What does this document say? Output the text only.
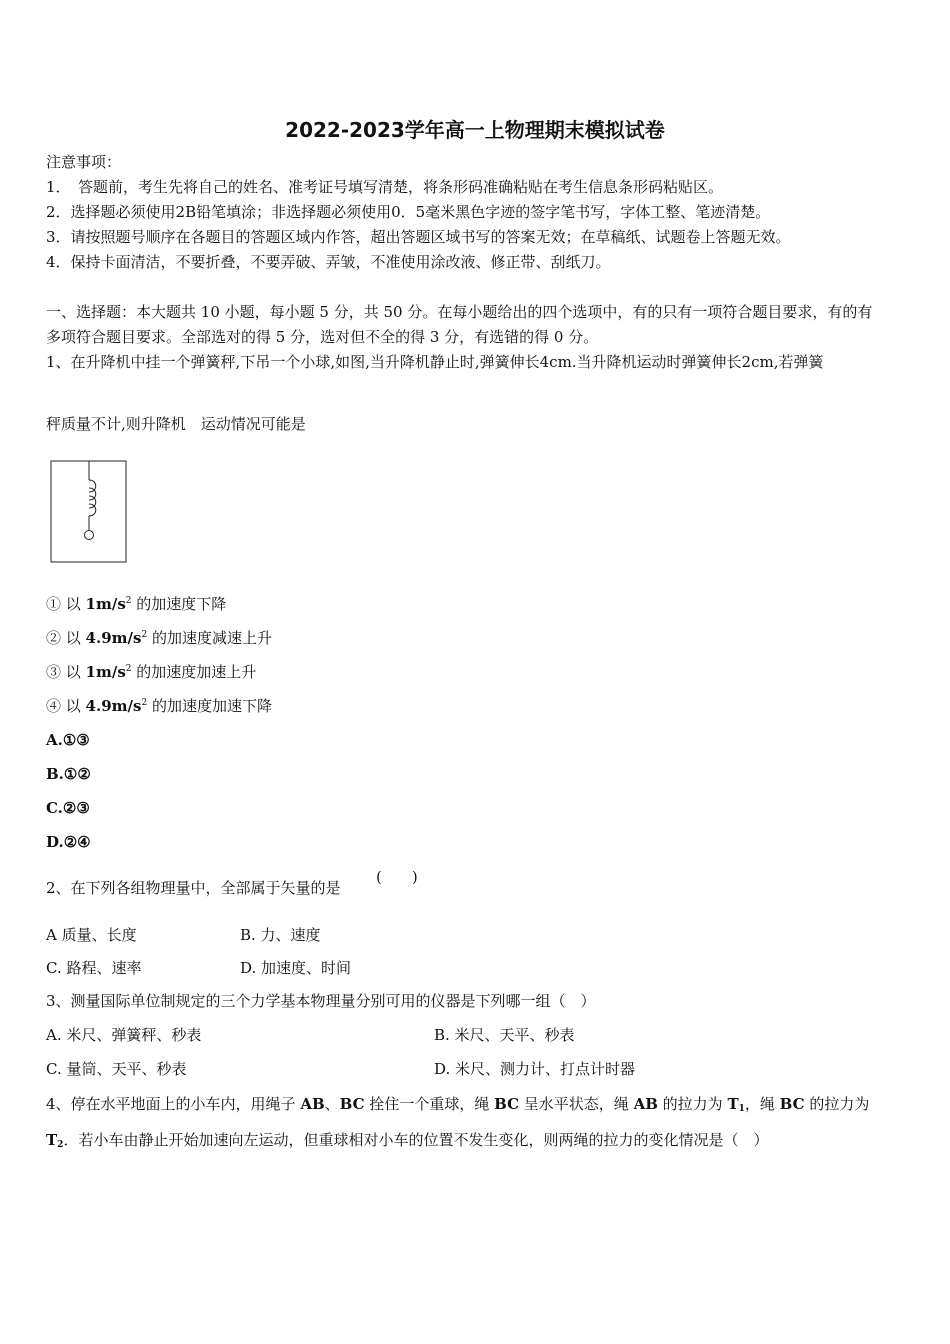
2022-2023学年高一上物理期末模拟试卷
注意事项：
1．　答题前，考生先将自己的姓名、准考证号填写清楚，将条形码准确粘贴在考生信息条形码粘贴区。
2．选择题必须使用2B铅笔填涂；非选择题必须使用0．5毫米黑色字迹的签字笔书写，字体工整、笔迹清楚。
3．请按照题号顺序在各题目的答题区域内作答，超出答题区域书写的答案无效；在草稿纸、试题卷上答题无效。
4．保持卡面清洁，不要折叠，不要弄破、弄皱，不准使用涂改液、修正带、刮纸刀。
一、选择题：本大题共 10 小题，每小题 5 分，共 50 分。在每小题给出的四个选项中，有的只有一项符合题目要求，有的有
多项符合题目要求。全部选对的得 5 分，选对但不全的得 3 分，有选错的得 0 分。
1、在升降机中挂一个弹簧秤,下吊一个小球,如图,当升降机静止时,弹簧伸长4cm.当升降机运动时弹簧伸长2cm,若弹簧
秤质量不计,则升降机　运动情况可能是
① 以 $1m/s^2$ 的加速度下降
② 以 $4.9m/s^2$ 的加速度减速上升
③ 以 $1m/s^2$ 的加速度加速上升
④ 以 $4.9m/s^2$ 的加速度加速下降
A.①③
B.①②
C.②③
D.②④
2、在下列各组物理量中，全部属于矢量的是
(　　)
A 质量、长度	B. 力、速度
C. 路程、速率	D. 加速度、时间
3、测量国际单位制规定的三个力学基本物理量分别可用的仪器是下列哪一组（　）
A. 米尺、弹簧秤、秒表	B. 米尺、天平、秒表
C. 量筒、天平、秒表	D. 米尺、测力计、打点计时器
4、停在水平地面上的小车内，用绳子 AB、BC 拴住一个重球，绳 BC 呈水平状态，绳 AB 的拉力为 $T_1$，绳 BC 的拉力为
$T_2$．若小车由静止开始加速向左运动，但重球相对小车的位置不发生变化，则两绳的拉力的变化情况是（　）
